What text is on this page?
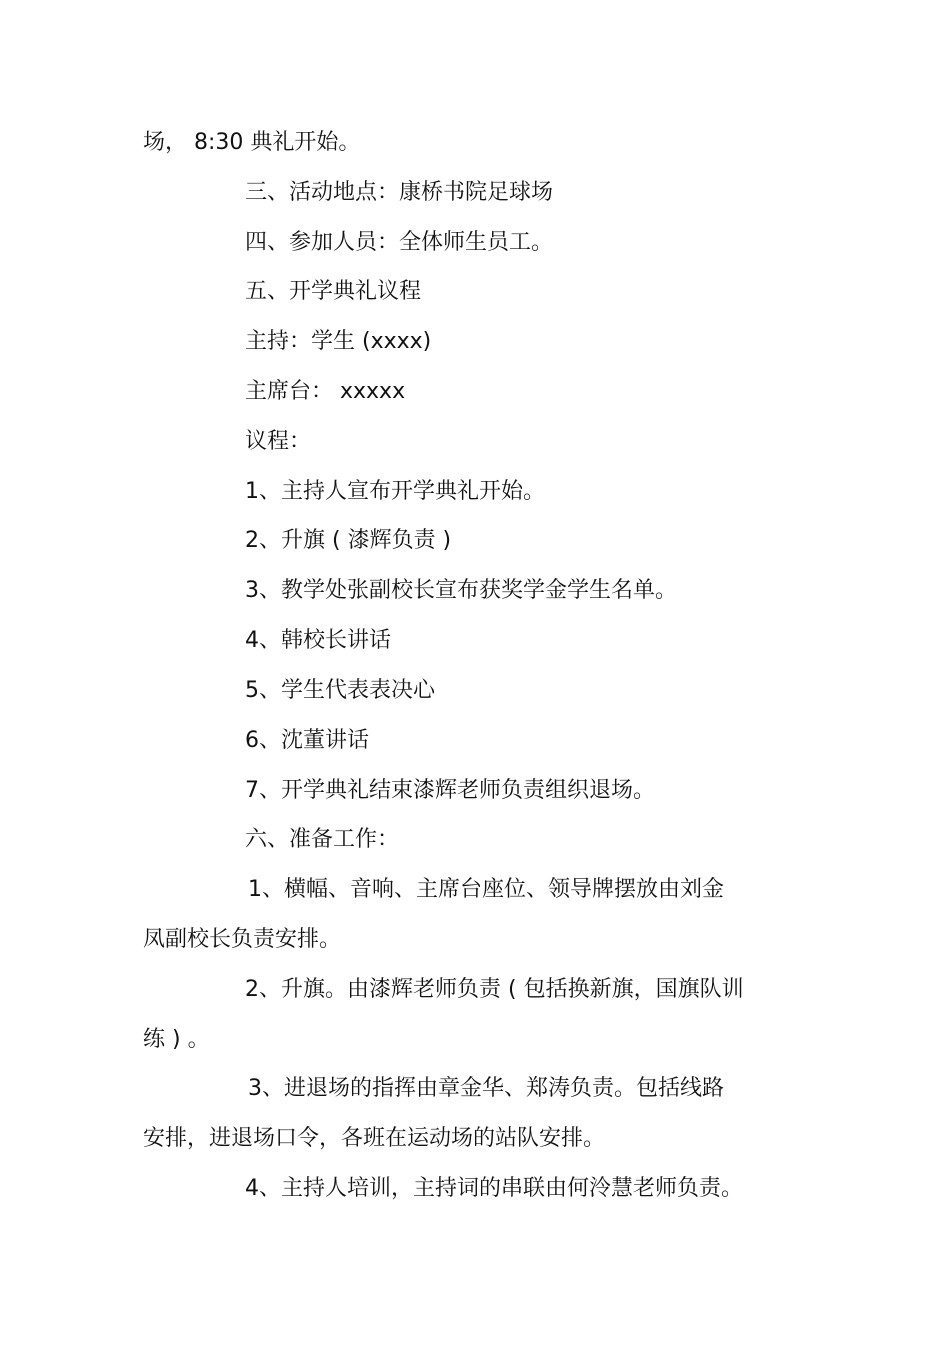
场， 8:30 典礼开始。

三、活动地点：康桥书院足球场

四、参加人员：全体师生员工。

五、开学典礼议程

主持：学生 (xxxx)

主席台： xxxxx

议程：

1、主持人宣布开学典礼开始。

2、升旗 ( 漆辉负责 )

3、教学处张副校长宣布获奖学金学生名单。

4、韩校长讲话

5、学生代表表决心

6、沈董讲话

7、开学典礼结束漆辉老师负责组织退场。

六、准备工作：

1、横幅、音响、主席台座位、领导牌摆放由刘金

凤副校长负责安排。

2、升旗。由漆辉老师负责 ( 包括换新旗，国旗队训

练 ) 。

3、进退场的指挥由章金华、郑涛负责。包括线路

安排，进退场口令，各班在运动场的站队安排。

4、主持人培训，主持词的串联由何泠慧老师负责。
